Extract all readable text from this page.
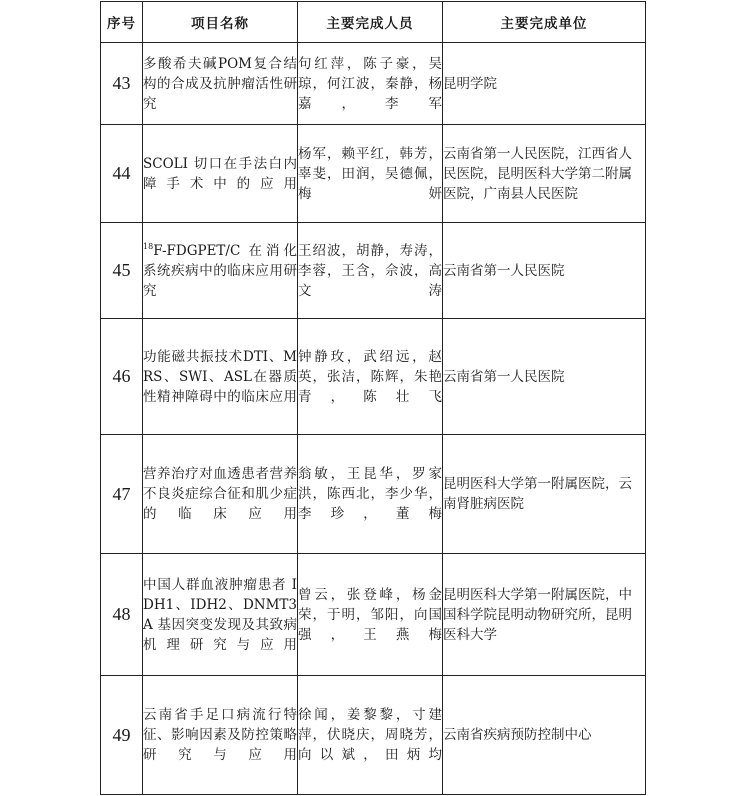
序号	项目名称	主要完成人员	主要完成单位
43	多酸希夫碱POM复合结构的合成及抗肿瘤活性研究	句红萍，陈子豪，吴琼，何江波，秦静，杨嘉，李军	昆明学院
44	SCOLI 切口在手法白内障手术中的应用	杨军，赖平红，韩芳，辜斐，田润，吴德佩，梅妍	云南省第一人民医院，江西省人民医院，昆明医科大学第二附属医院，广南县人民医院
45	$^{18}$F-FDGPET/C 在消化系统疾病中的临床应用研究	王绍波，胡静，寿涛，李蓉，王含，佘波，高文涛	云南省第一人民医院
46	功能磁共振技术DTI、MRS、SWI、ASL在器质性精神障碍中的临床应用	钟静玫，武绍远，赵英，张洁，陈辉，朱艳青，陈壮飞	云南省第一人民医院
47	营养治疗对血透患者营养不良炎症综合征和肌少症的临床应用	翁敏，王昆华，罗家洪，陈西北，李少华，李珍，董梅	昆明医科大学第一附属医院，云南肾脏病医院
48	中国人群血液肿瘤患者 IDH1、IDH2、DNMT3A 基因突变发现及其致病机理研究与应用	曾云，张登峰，杨金荣，于明，邹阳，向国强，王燕梅	昆明医科大学第一附属医院，中国科学院昆明动物研究所，昆明医科大学
49	云南省手足口病流行特征、影响因素及防控策略研究与应用	徐闻，姜黎黎，寸建萍，伏晓庆，周晓芳，向以斌，田炳均	云南省疾病预防控制中心
